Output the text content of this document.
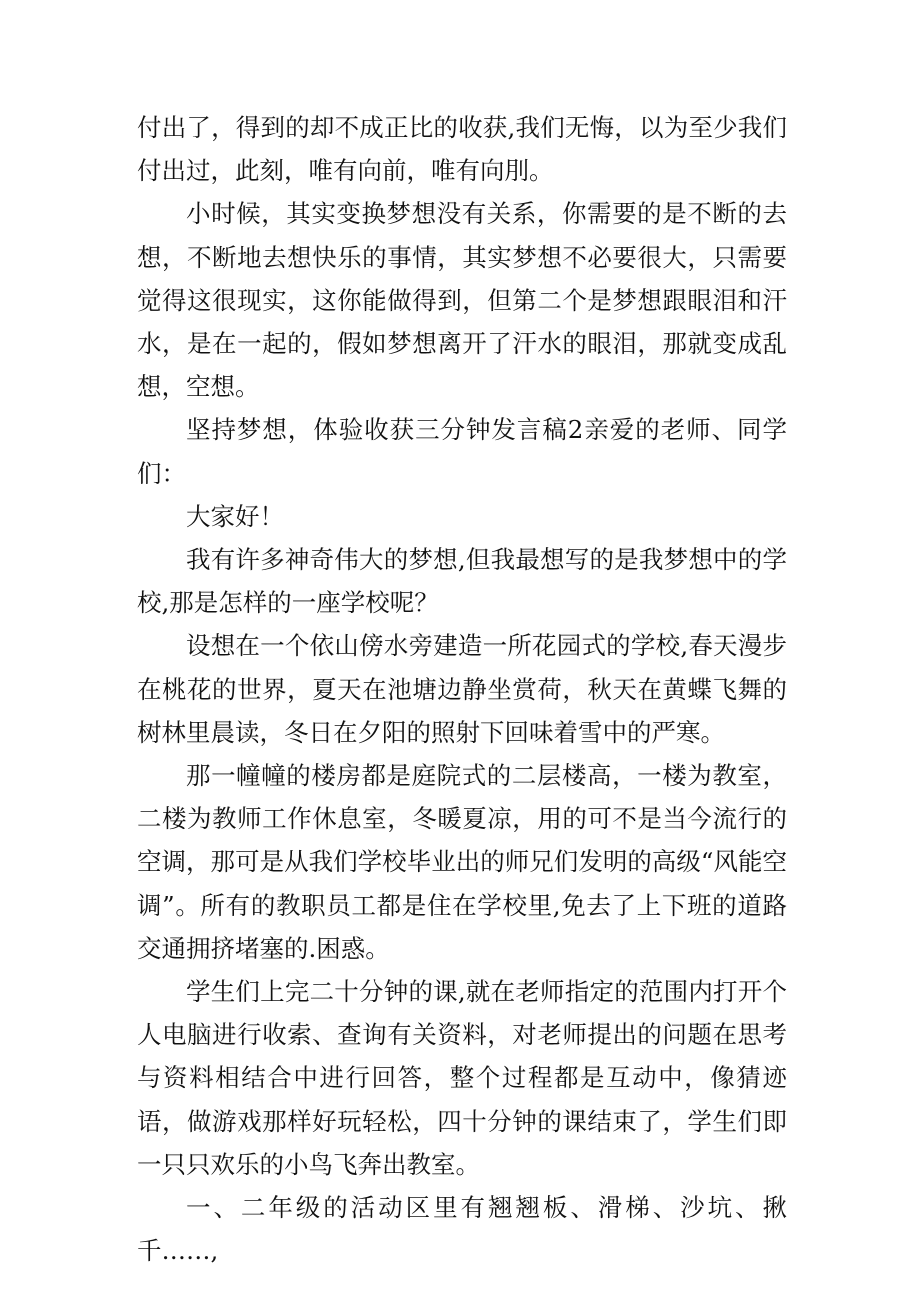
付出了，得到的却不成正比的收获,我们无悔，以为至少我们付出过，此刻，唯有向前，唯有向刖。

小时候，其实变换梦想没有关系，你需要的是不断的去想，不断地去想快乐的事情，其实梦想不必要很大，只需要觉得这很现实，这你能做得到，但第二个是梦想跟眼泪和汗水，是在一起的，假如梦想离开了汗水的眼泪，那就变成乱想，空想。

坚持梦想，体验收获三分钟发言稿2亲爱的老师、同学们：

大家好！

我有许多神奇伟大的梦想,但我最想写的是我梦想中的学校,那是怎样的一座学校呢？

设想在一个依山傍水旁建造一所花园式的学校,春天漫步在桃花的世界，夏天在池塘边静坐赏荷，秋天在黄蝶飞舞的树林里晨读，冬日在夕阳的照射下回味着雪中的严寒。

那一幢幢的楼房都是庭院式的二层楼高，一楼为教室，二楼为教师工作休息室，冬暖夏凉，用的可不是当今流行的空调，那可是从我们学校毕业出的师兄们发明的高级“风能空调”。所有的教职员工都是住在学校里,免去了上下班的道路交通拥挤堵塞的.困惑。

学生们上完二十分钟的课,就在老师指定的范围内打开个人电脑进行收索、查询有关资料，对老师提出的问题在思考与资料相结合中进行回答，整个过程都是互动中，像猜迹语，做游戏那样好玩轻松，四十分钟的课结束了，学生们即一只只欢乐的小鸟飞奔出教室。

一、二年级的活动区里有翘翘板、滑梯、沙坑、揪千……,
